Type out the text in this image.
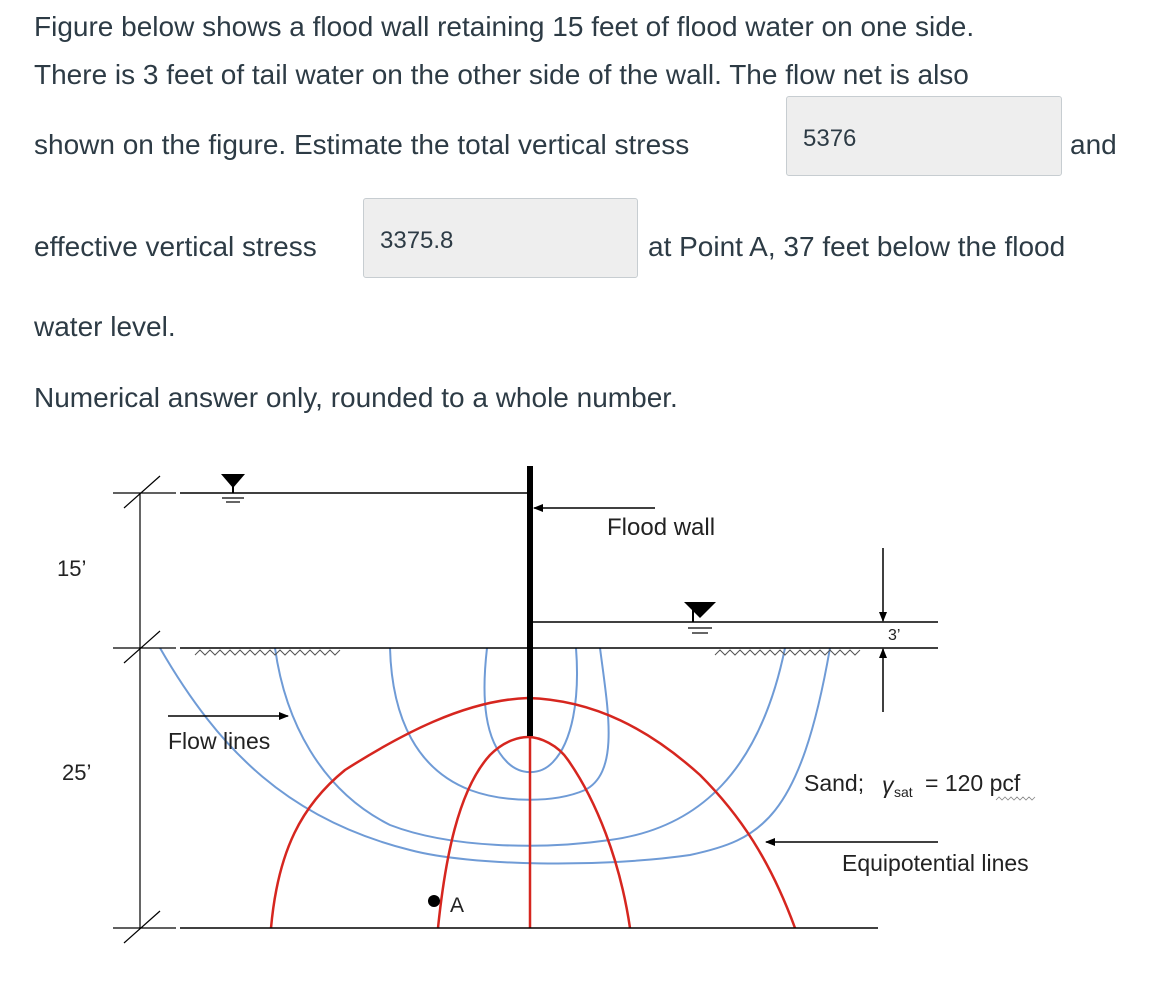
Figure below shows a flood wall retaining 15 feet of flood water on one side.
There is 3 feet of tail water on the other side of the wall. The flow net is also
shown on the figure. Estimate the total vertical stress	5376	and
effective vertical stress	3375.8	at Point A, 37 feet below the flood
water level.
Numerical answer only, rounded to a whole number.
Flood wall
Flow lines
Equipotential lines
Sand; γ sat = 120 pcf
A
15’
25’
3’
